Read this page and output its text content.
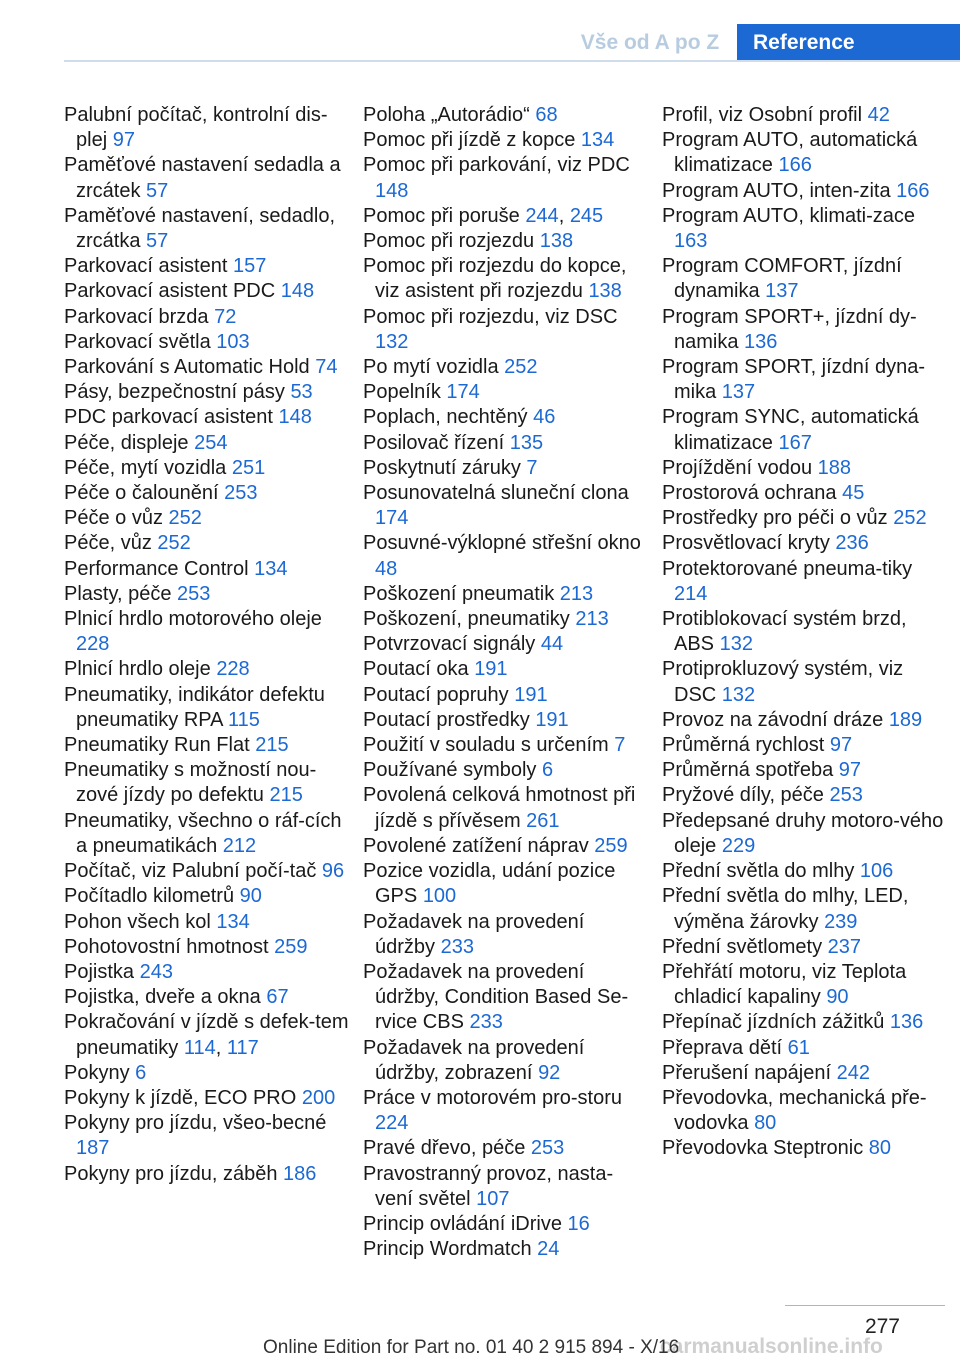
Vše od A po Z	Reference

Palubní počítač, kontrolní dis-plej 97

Paměťové nastavení sedadla a zrcátek 57

Paměťové nastavení, sedadlo, zrcátka 57

Parkovací asistent 157

Parkovací asistent PDC 148

Parkovací brzda 72

Parkovací světla 103

Parkování s Automatic Hold 74

Pásy, bezpečnostní pásy 53

PDC parkovací asistent 148

Péče, displeje 254

Péče, mytí vozidla 251

Péče o čalounění 253

Péče o vůz 252

Péče, vůz 252

Performance Control 134

Plasty, péče 253

Plnicí hrdlo motorového oleje 228

Plnicí hrdlo oleje 228

Pneumatiky, indikátor defektu pneumatiky RPA 115

Pneumatiky Run Flat 215

Pneumatiky s možností nou-zové jízdy po defektu 215

Pneumatiky, všechno o ráf-cích a pneumatikách 212

Počítač, viz Palubní počí-tač 96

Počítadlo kilometrů 90

Pohon všech kol 134

Pohotovostní hmotnost 259

Pojistka 243

Pojistka, dveře a okna 67

Pokračování v jízdě s defek-tem pneumatiky 114, 117

Pokyny 6

Pokyny k jízdě, ECO PRO 200

Pokyny pro jízdu, všeo-becné 187

Pokyny pro jízdu, záběh 186

Poloha „Autorádio“ 68

Pomoc při jízdě z kopce 134

Pomoc při parkování, viz PDC 148

Pomoc při poruše 244, 245

Pomoc při rozjezdu 138

Pomoc při rozjezdu do kopce, viz asistent při rozjezdu 138

Pomoc při rozjezdu, viz DSC 132

Po mytí vozidla 252

Popelník 174

Poplach, nechtěný 46

Posilovač řízení 135

Poskytnutí záruky 7

Posunovatelná sluneční clona 174

Posuvné-výklopné střešní okno 48

Poškození pneumatik 213

Poškození, pneumatiky 213

Potvrzovací signály 44

Poutací oka 191

Poutací popruhy 191

Poutací prostředky 191

Použití v souladu s určením 7

Používané symboly 6

Povolená celková hmotnost při jízdě s přívěsem 261

Povolené zatížení náprav 259

Pozice vozidla, udání pozice GPS 100

Požadavek na provedení údržby 233

Požadavek na provedení údržby, Condition Based Se-rvice CBS 233

Požadavek na provedení údržby, zobrazení 92

Práce v motorovém pro-storu 224

Pravé dřevo, péče 253

Pravostranný provoz, nasta-vení světel 107

Princip ovládání iDrive 16

Princip Wordmatch 24

Profil, viz Osobní profil 42

Program AUTO, automatická klimatizace 166

Program AUTO, inten-zita 166

Program AUTO, klimati-zace 163

Program COMFORT, jízdní dynamika 137

Program SPORT+, jízdní dy-namika 136

Program SPORT, jízdní dyna-mika 137

Program SYNC, automatická klimatizace 167

Projíždění vodou 188

Prostorová ochrana 45

Prostředky pro péči o vůz 252

Prosvětlovací kryty 236

Protektorované pneuma-tiky 214

Protiblokovací systém brzd, ABS 132

Protiprokluzový systém, viz DSC 132

Provoz na závodní dráze 189

Průměrná rychlost 97

Průměrná spotřeba 97

Pryžové díly, péče 253

Předepsané druhy motoro-vého oleje 229

Přední světla do mlhy 106

Přední světla do mlhy, LED, výměna žárovky 239

Přední světlomety 237

Přehřátí motoru, viz Teplota chladicí kapaliny 90

Přepínač jízdních zážitků 136

Přeprava dětí 61

Přerušení napájení 242

Převodovka, mechanická pře-vodovka 80

Převodovka Steptronic 80

277
carmanualsonline.info
Online Edition for Part no. 01 40 2 915 894 - X/16
